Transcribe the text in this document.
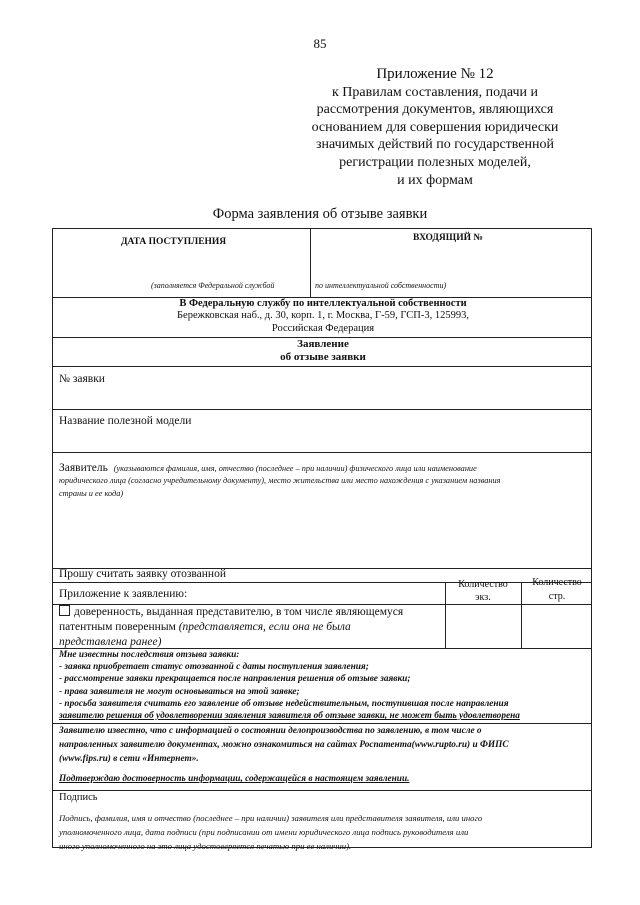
85
Приложение № 12
к Правилам составления, подачи и
рассмотрения документов, являющихся
основанием для совершения юридически
значимых действий по государственной
регистрации полезных моделей,
и их формам
Форма заявления об отзыве заявки
ДАТА ПОСТУПЛЕНИЯ	ВХОДЯЩИЙ №
(заполняется Федеральной службой	по интеллектуальной собственности)
В Федеральную службу по интеллектуальной собственности
Бережковская наб., д. 30, корп. 1, г. Москва, Г-59, ГСП-3, 125993,
Российская Федерация
Заявление
об отзыве заявки
№ заявки
Название полезной модели
Заявитель (указываются фамилия, имя, отчество (последнее – при наличии) физического лица или наименование
юридического лица (согласно учредительному документу), место жительства или место нахождения с указанием названия
страны и ее кода)
Прошу считать заявку отозванной
Приложение к заявлению:
Количество
экз.
Количество
стр.
доверенность, выданная представителю, в том числе являющемуся
патентным поверенным (представляется, если она не была
представлена ранее)
Мне известны последствия отзыва заявки:
- заявка приобретает статус отозванной с даты поступления заявления;
- рассмотрение заявки прекращается после направления решения об отзыве заявки;
- права заявителя не могут основываться на этой заявке;
- просьба заявителя считать его заявление об отзыве недействительным, поступившая после направления
заявителю решения об удовлетворении заявления заявителя об отзыве заявки, не может быть удовлетворена
Заявителю известно, что с информацией о состоянии делопроизводства по заявлению, в том числе о
направленных заявителю документах, можно ознакомиться на сайтах Роспатента(www.rupto.ru) и ФИПС
(www.fips.ru) в сети «Интернет».
Подтверждаю достоверность информации, содержащейся в настоящем заявлении.
Подпись
Подпись, фамилия, имя и отчество (последнее – при наличии) заявителя или представителя заявителя, или иного
уполномоченного лица, дата подписи (при подписании от имени юридического лица подпись руководителя или
иного уполномоченного на это лица удостоверяется печатью при ее наличии).
